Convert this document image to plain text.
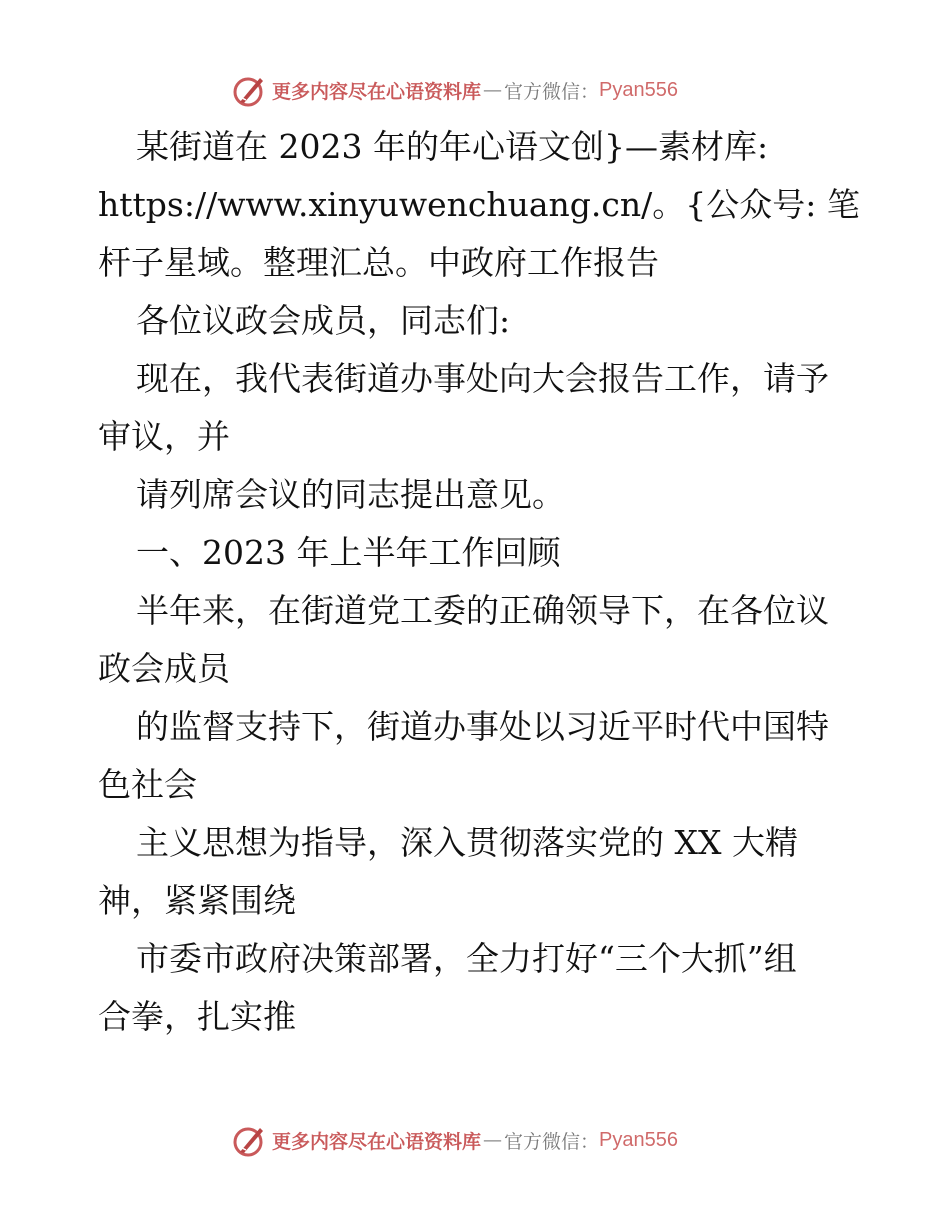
更多内容尽在心语资料库 — 官方微信： Pyan556
某街道在 2023 年的年心语文创}—素材库:
https://www.xinyuwenchuang.cn/。{公众号: 笔
杆子星域。整理汇总。中政府工作报告
各位议政会成员，同志们:
现在，我代表街道办事处向大会报告工作，请予
审议，并
请列席会议的同志提出意见。
一、2023 年上半年工作回顾
半年来，在街道党工委的正确领导下，在各位议
政会成员
的监督支持下，街道办事处以习近平时代中国特
色社会
主义思想为指导，深入贯彻落实党的 XX 大精
神，紧紧围绕
市委市政府决策部署，全力打好“三个大抓”组
合拳，扎实推
更多内容尽在心语资料库 — 官方微信： Pyan556
